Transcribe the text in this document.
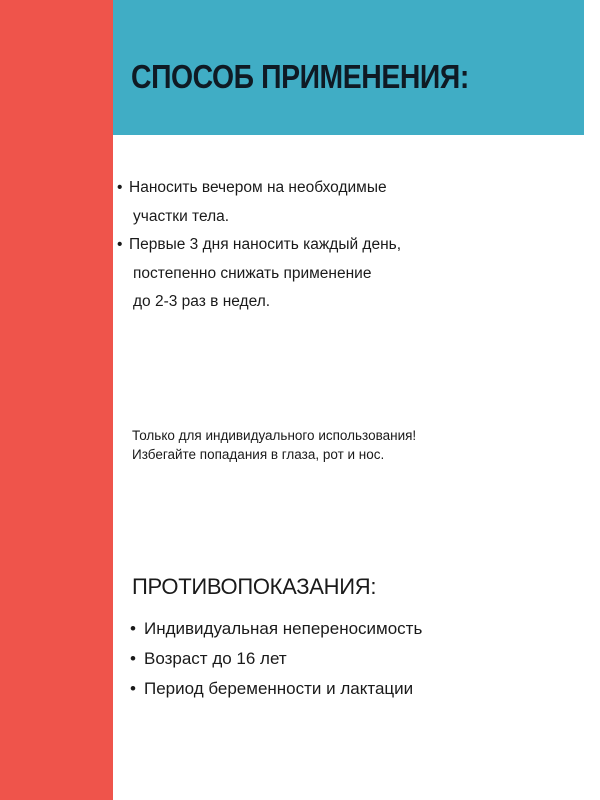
СПОСОБ ПРИМЕНЕНИЯ:
• Наносить вечером на необходимые
участки тела.
• Первые 3 дня наносить каждый день,
постепенно снижать применение
до 2-3 раз в недел.

Только для индивидуального использования!
Избегайте попадания в глаза, рот и нос.

ПРОТИВОПОКАЗАНИЯ:
• Индивидуальная непереносимость
• Возраст до 16 лет
• Период беременности и лактации
